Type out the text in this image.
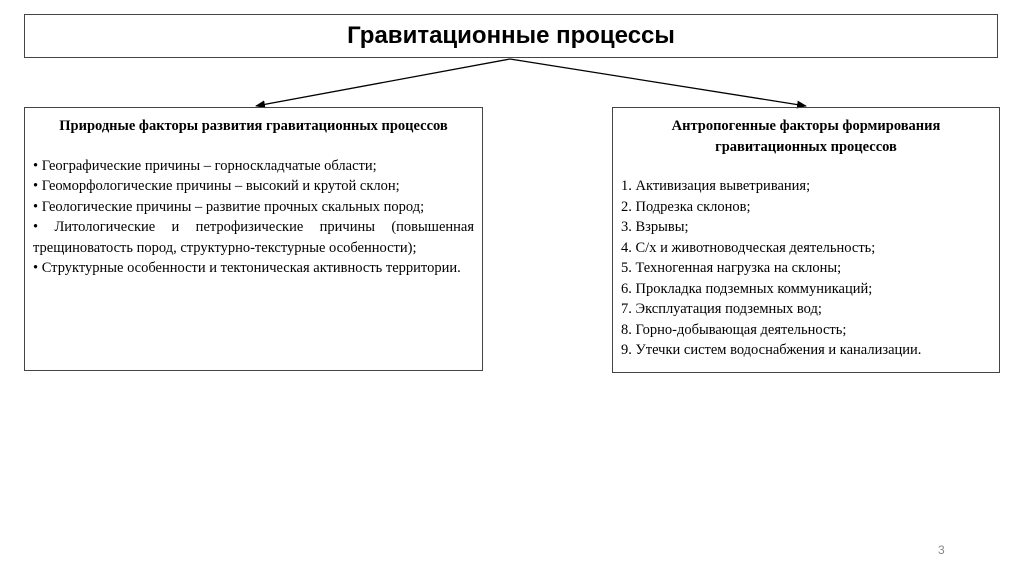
Гравитационные процессы
Природные факторы развития гравитационных процессов
• Географические причины – горноскладчатые области;
• Геоморфологические причины – высокий и крутой склон;
• Геологические причины – развитие прочных скальных пород;
• Литологические и петрофизические причины (повышенная трещиноватость пород, структурно-текстурные особенности);
• Структурные особенности и тектоническая активность территории.
Антропогенные факторы формирования гравитационных процессов
1. Активизация выветривания;
2. Подрезка склонов;
3. Взрывы;
4. С/х и животноводческая деятельность;
5. Техногенная нагрузка на склоны;
6. Прокладка подземных коммуникаций;
7. Эксплуатация подземных вод;
8. Горно-добывающая деятельность;
9. Утечки систем водоснабжения и канализации.
3
